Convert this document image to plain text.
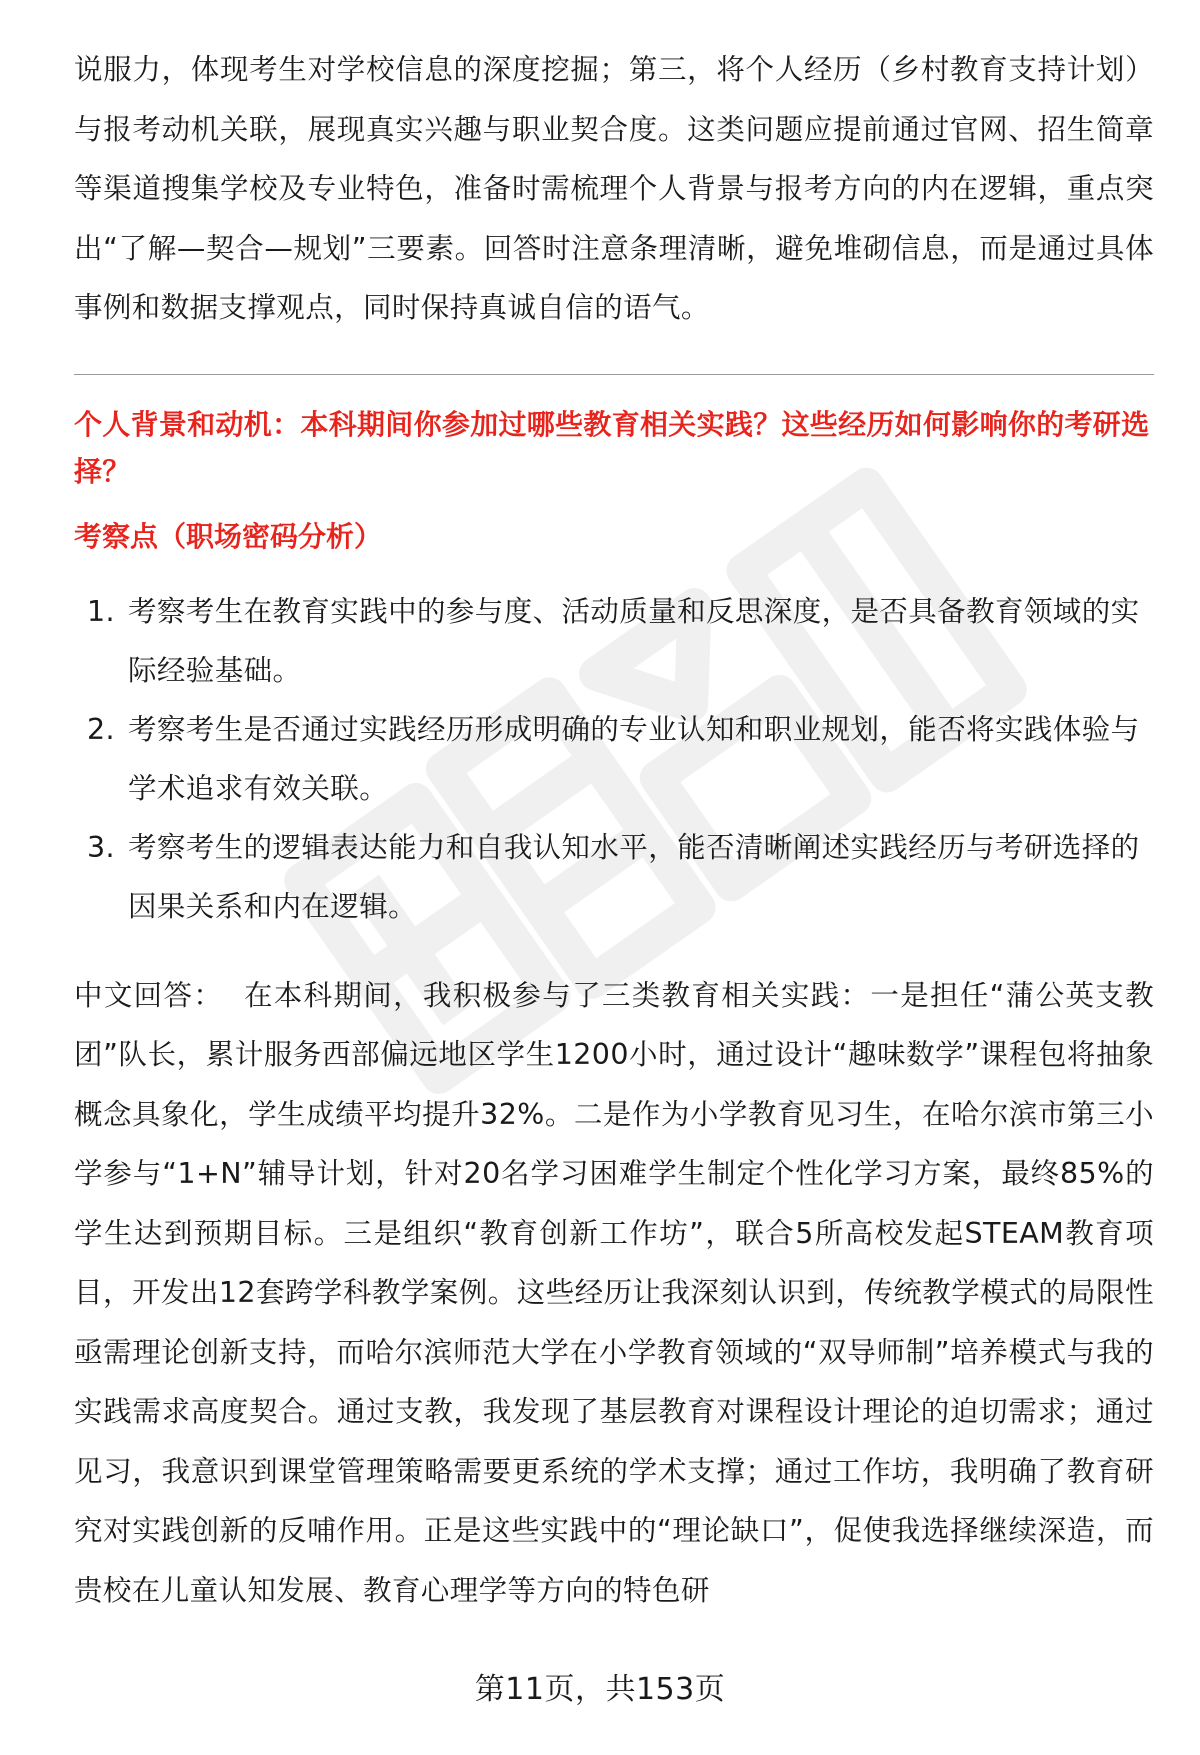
说服力，体现考生对学校信息的深度挖掘；第三，将个人经历（乡村教育支持计划）与报考动机关联，展现真实兴趣与职业契合度。这类问题应提前通过官网、招生简章等渠道搜集学校及专业特色，准备时需梳理个人背景与报考方向的内在逻辑，重点突出“了解—契合—规划”三要素。回答时注意条理清晰，避免堆砌信息，而是通过具体事例和数据支撑观点，同时保持真诚自信的语气。

个人背景和动机：本科期间你参加过哪些教育相关实践？这些经历如何影响你的考研选择？
考察点（职场密码分析）
1. 考察考生在教育实践中的参与度、活动质量和反思深度，是否具备教育领域的实际经验基础。
2. 考察考生是否通过实践经历形成明确的专业认知和职业规划，能否将实践体验与学术追求有效关联。
3. 考察考生的逻辑表达能力和自我认知水平，能否清晰阐述实践经历与考研选择的因果关系和内在逻辑。

中文回答： 在本科期间，我积极参与了三类教育相关实践：一是担任“蒲公英支教团”队长，累计服务西部偏远地区学生1200小时，通过设计“趣味数学”课程包将抽象概念具象化，学生成绩平均提升32%。二是作为小学教育见习生，在哈尔滨市第三小学参与“1+N”辅导计划，针对20名学习困难学生制定个性化学习方案，最终85%的学生达到预期目标。三是组织“教育创新工作坊”，联合5所高校发起STEAM教育项目，开发出12套跨学科教学案例。这些经历让我深刻认识到，传统教学模式的局限性亟需理论创新支持，而哈尔滨师范大学在小学教育领域的“双导师制”培养模式与我的实践需求高度契合。通过支教，我发现了基层教育对课程设计理论的迫切需求；通过见习，我意识到课堂管理策略需要更系统的学术支撑；通过工作坊，我明确了教育研究对实践创新的反哺作用。正是这些实践中的“理论缺口”，促使我选择继续深造，而贵校在儿童认知发展、教育心理学等方向的特色研

第11页，共153页
